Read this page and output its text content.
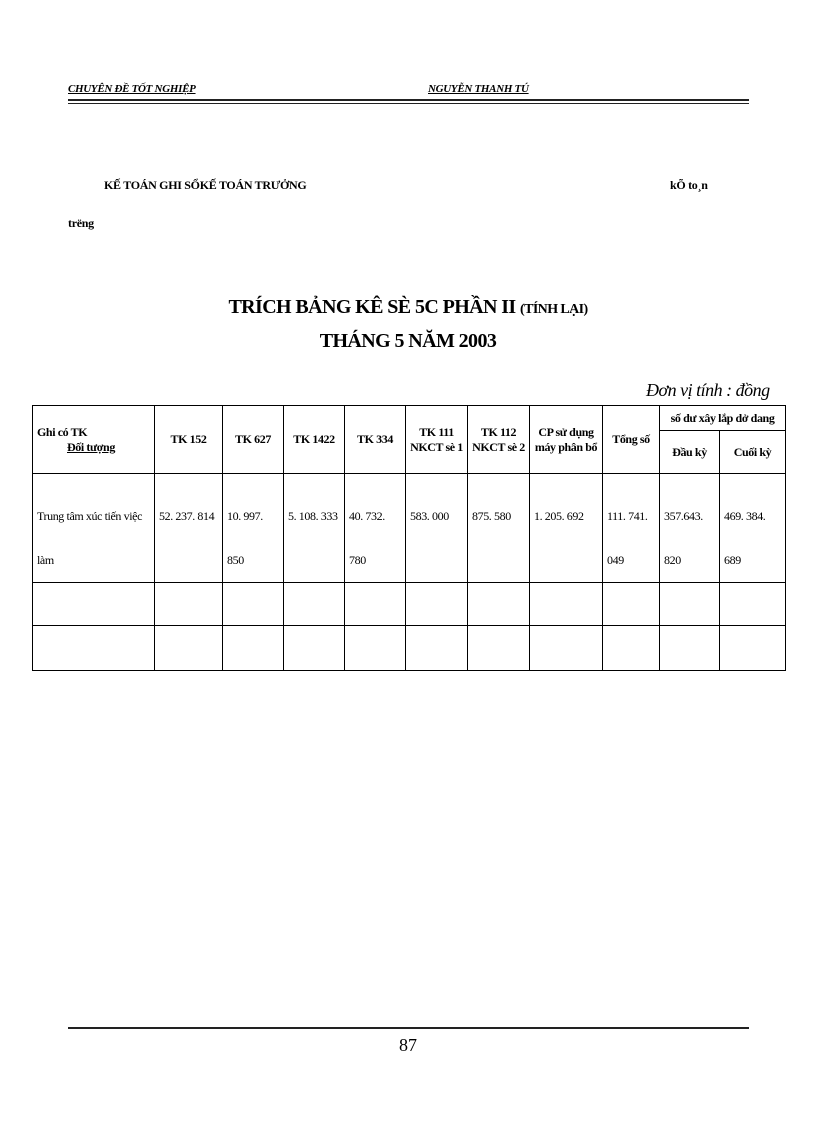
CHUYÊN ĐỀ TỐT NGHIỆP	NGUYỄN THANH TÚ
KẾ TOÁN GHI SỔKẾ TOÁN TRƯỞNG	kÕ to¸n
trëng
TRÍCH BẢNG KÊ SÈ 5C PHẦN II (TÍNH LẠI)
THÁNG 5 NĂM 2003
Đơn vị tính : đồng
Ghi có TK
Đối tượng	TK 152	TK 627	TK 1422	TK 334	TK 111 NKCT sè 1	TK 112 NKCT sè 2	CP sử dụng máy phân bổ	Tổng số	số dư xây lắp dở dang	
									Đầu kỳ	Cuối kỳ
Trung tâm xúc tiến việc làm	52. 237. 814	10. 997. 850	5. 108. 333	40. 732. 780	583. 000	875. 580	1. 205. 692	111. 741. 049	357.643. 820	469. 384. 689

87
